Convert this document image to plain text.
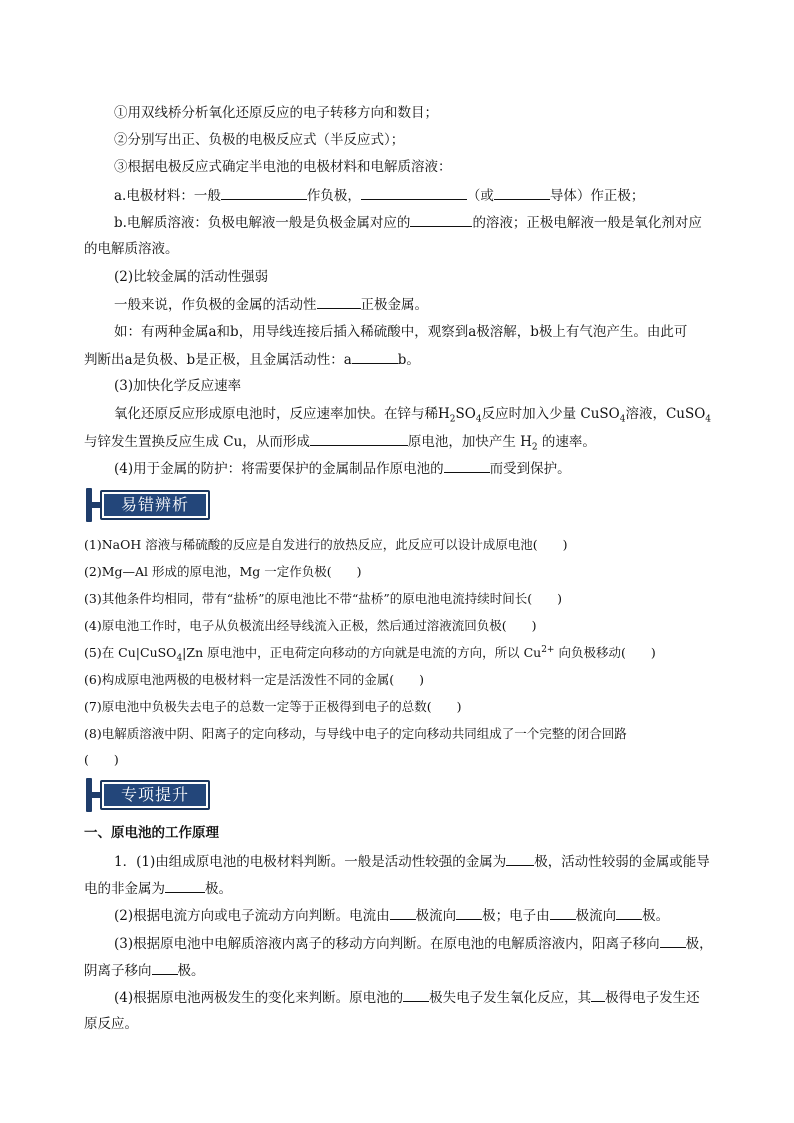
①用双线桥分析氧化还原反应的电子转移方向和数目；
②分别写出正、负极的电极反应式（半反应式）；
③根据电极反应式确定半电池的电极材料和电解质溶液：
a.电极材料：一般	作负极，	（或	导体）作正极；
b.电解质溶液：负极电解液一般是负极金属对应的	的溶液；正极电解液一般是氧化剂对应
的电解质溶液。
(2)比较金属的活动性强弱
一般来说，作负极的金属的活动性	正极金属。
如：有两种金属a和b，用导线连接后插入稀硫酸中，观察到a极溶解，b极上有气泡产生。由此可
判断出a是负极、b是正极，且金属活动性：a	b。
(3)加快化学反应速率
氧化还原反应形成原电池时，反应速率加快。在锌与稀$H_2SO_4$反应时加入少量 CuSO$_4$溶液，CuSO$_4$
与锌发生置换反应生成 Cu，从而形成	原电池，加快产生 $H_2$ 的速率。
(4)用于金属的防护：将需要保护的金属制品作原电池的	而受到保护。
易错辨析
(1)NaOH 溶液与稀硫酸的反应是自发进行的放热反应，此反应可以设计成原电池(　　)
(2)Mg—Al 形成的原电池，Mg 一定作负极(　　)
(3)其他条件均相同，带有“盐桥”的原电池比不带“盐桥”的原电池电流持续时间长(　　)
(4)原电池工作时，电子从负极流出经导线流入正极，然后通过溶液流回负极(　　)
(5)在 Cu|CuSO$_4$|Zn 原电池中，正电荷定向移动的方向就是电流的方向，所以 $Cu^{2+}$ 向负极移动(　　)
(6)构成原电池两极的电极材料一定是活泼性不同的金属(　　)
(7)原电池中负极失去电子的总数一定等于正极得到电子的总数(　　)
(8)电解质溶液中阴、阳离子的定向移动，与导线中电子的定向移动共同组成了一个完整的闭合回路
(　　)
专项提升
一、原电池的工作原理
1．(1)由组成原电池的电极材料判断。一般是活动性较强的金属为 极，活动性较弱的金属或能导
电的非金属为	极。
(2)根据电流方向或电子流动方向判断。电流由 极流向 极；电子由 极流向 极。
(3)根据原电池中电解质溶液内离子的移动方向判断。在原电池的电解质溶液内，阳离子移向 极，
阴离子移向 极。
(4)根据原电池两极发生的变化来判断。原电池的 极失电子发生氧化反应，其 极得电子发生还
原反应。
